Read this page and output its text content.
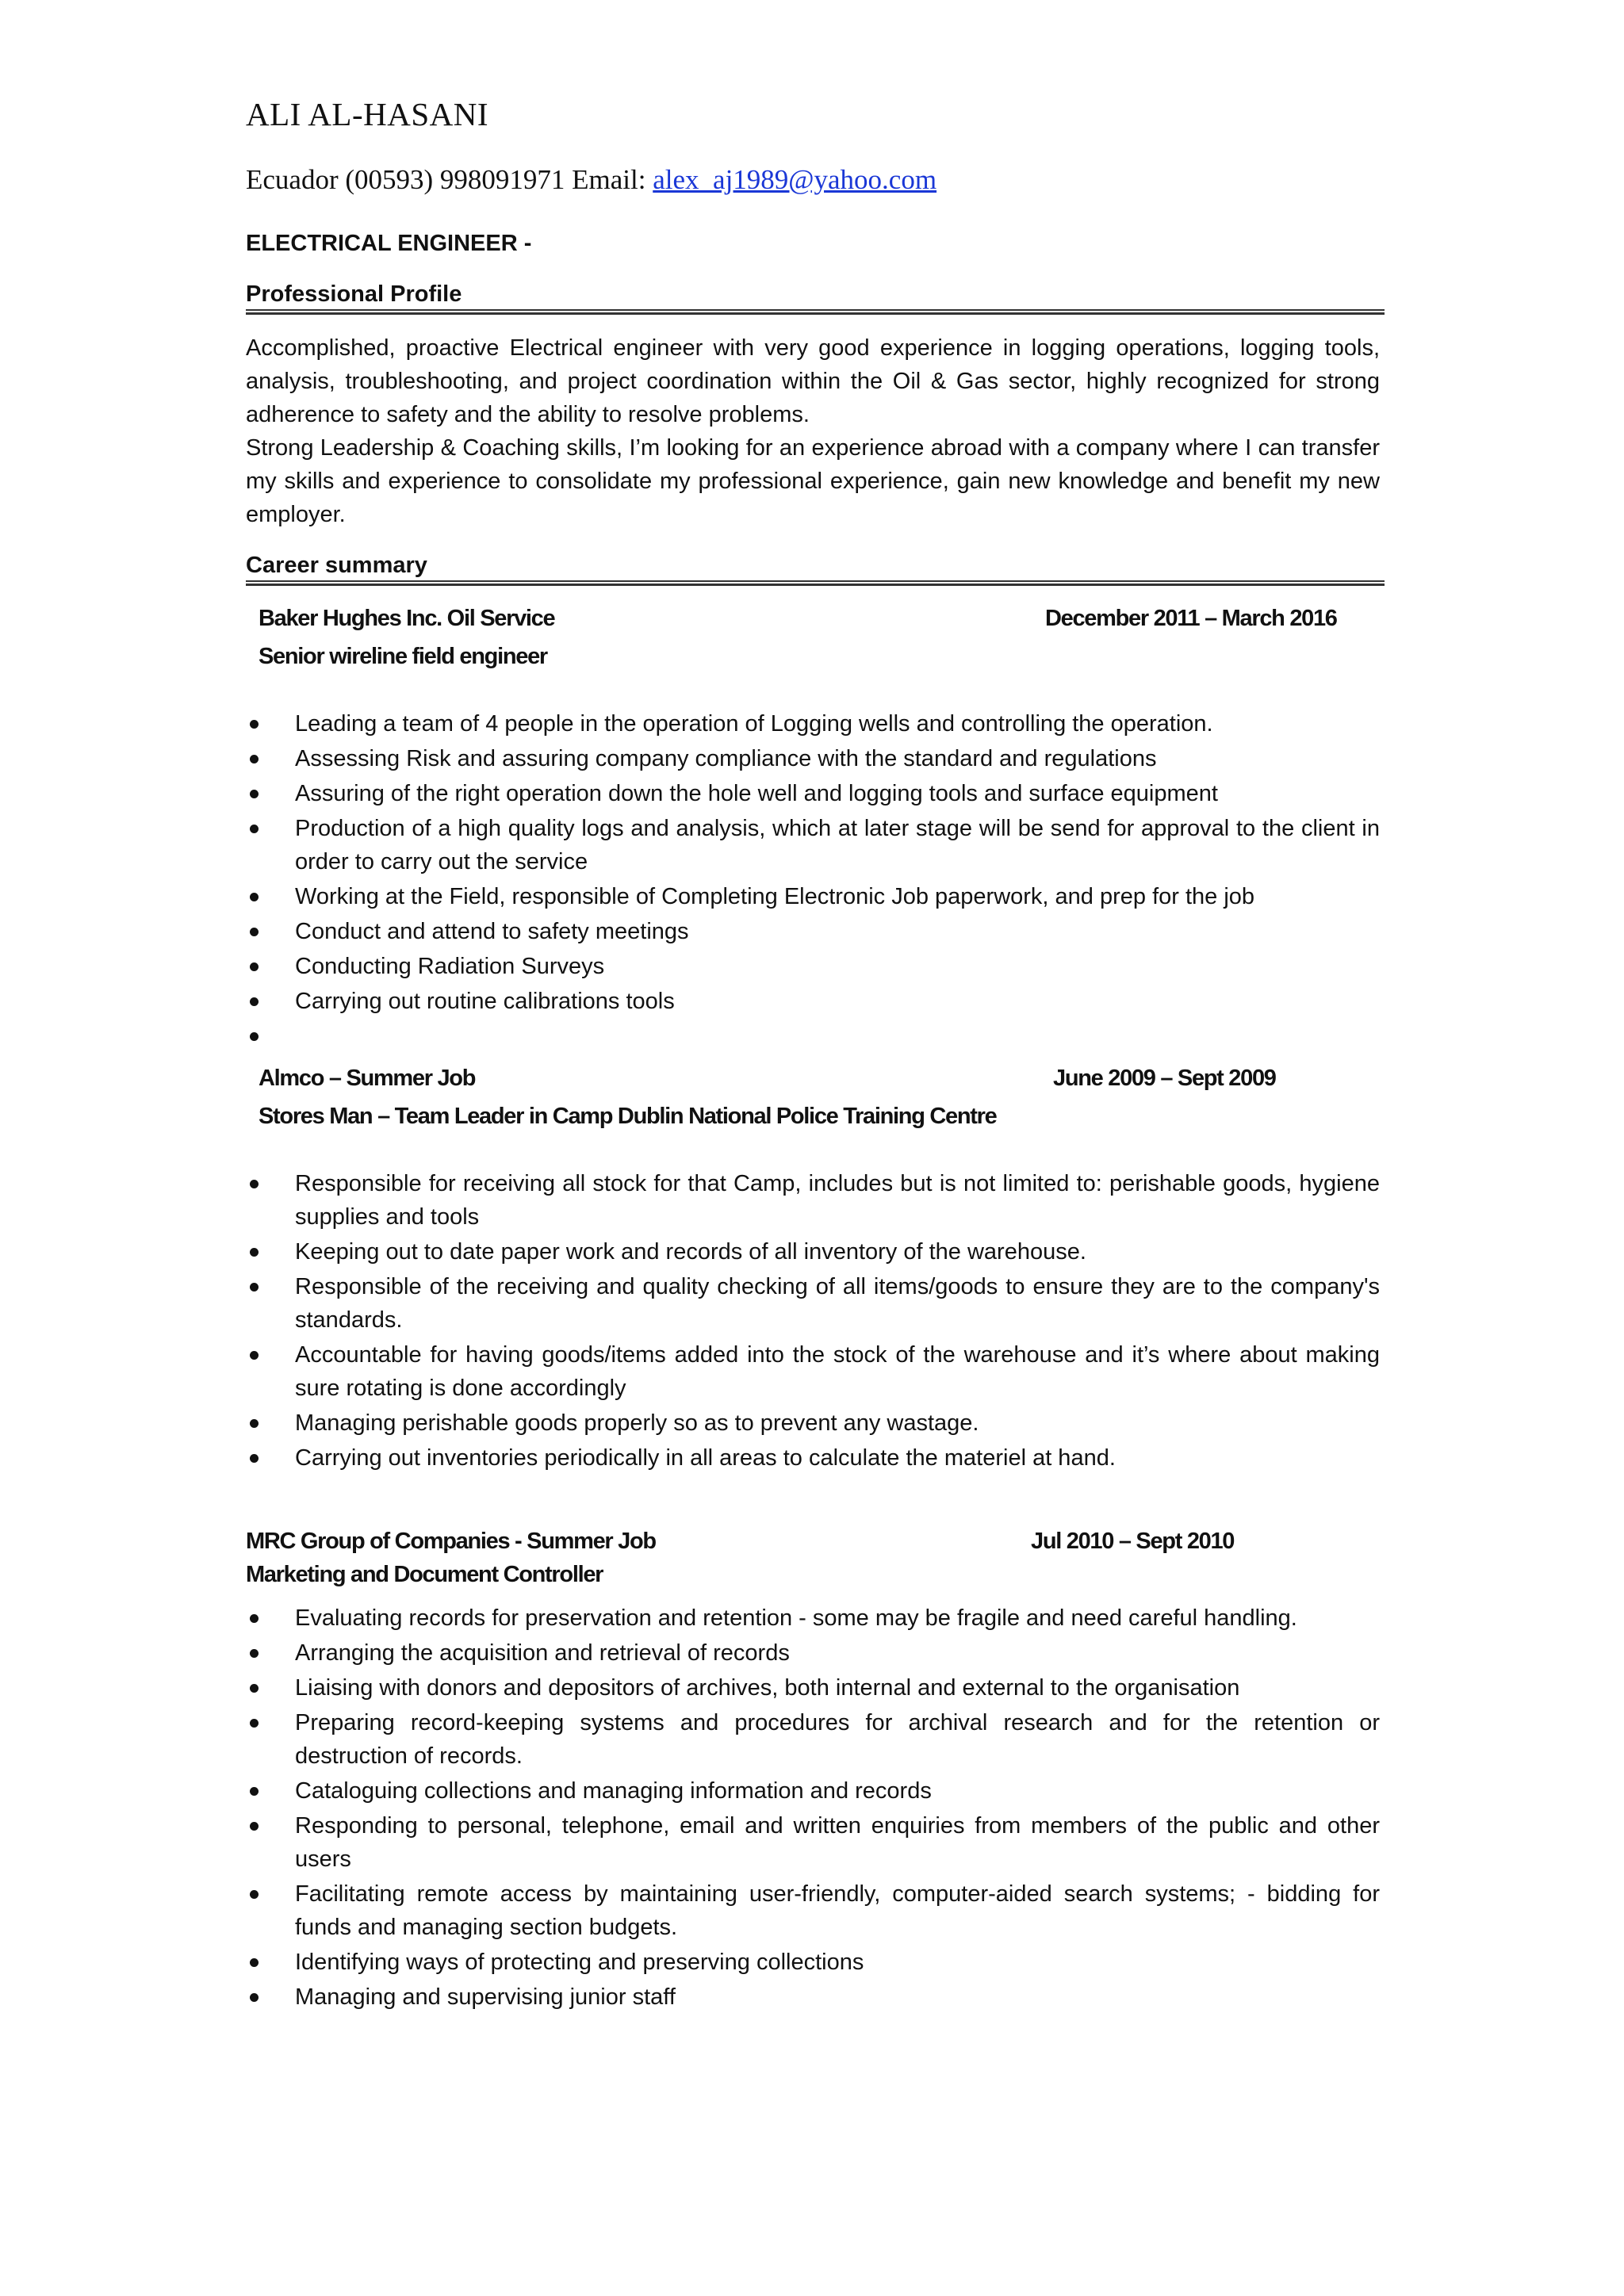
ALI AL-HASANI
Ecuador (00593) 998091971 Email: alex_aj1989@yahoo.com
ELECTRICAL ENGINEER -
Professional Profile

Accomplished, proactive Electrical engineer with very good experience in logging operations, logging tools, analysis, troubleshooting, and project coordination within the Oil & Gas sector, highly recognized for strong adherence to safety and the ability to resolve problems.

Strong Leadership & Coaching skills, I’m looking for an experience abroad with a company where I can transfer my skills and experience to consolidate my professional experience, gain new knowledge and benefit my new employer.

Career summary
Baker Hughes Inc. Oil Service	December 2011 – March 2016
Senior wireline field engineer
Leading a team of 4 people in the operation of Logging wells and controlling the operation.
Assessing Risk and assuring company compliance with the standard and regulations
Assuring of the right operation down the hole well and logging tools and surface equipment
Production of a high quality logs and analysis, which at later stage will be send for approval to the client in order to carry out the service
Working at the Field, responsible of Completing Electronic Job paperwork, and prep for the job
Conduct and attend to safety meetings
Conducting Radiation Surveys
Carrying out routine calibrations tools
Almco – Summer Job	June 2009 – Sept 2009
Stores Man – Team Leader in Camp Dublin National Police Training Centre
Responsible for receiving all stock for that Camp, includes but is not limited to: perishable goods, hygiene supplies and tools
Keeping out to date paper work and records of all inventory of the warehouse.
Responsible of the receiving and quality checking of all items/goods to ensure they are to the company's standards.
Accountable for having goods/items added into the stock of the warehouse and it’s where about making sure rotating is done accordingly
Managing perishable goods properly so as to prevent any wastage.
Carrying out inventories periodically in all areas to calculate the materiel at hand.
MRC Group of Companies - Summer Job	Jul 2010 – Sept 2010
Marketing and Document Controller
Evaluating records for preservation and retention - some may be fragile and need careful handling.
Arranging the acquisition and retrieval of records
Liaising with donors and depositors of archives, both internal and external to the organisation
Preparing record-keeping systems and procedures for archival research and for the retention or destruction of records.
Cataloguing collections and managing information and records
Responding to personal, telephone, email and written enquiries from members of the public and other users
Facilitating remote access by maintaining user-friendly, computer-aided search systems; - bidding for funds and managing section budgets.
Identifying ways of protecting and preserving collections
Managing and supervising junior staff
